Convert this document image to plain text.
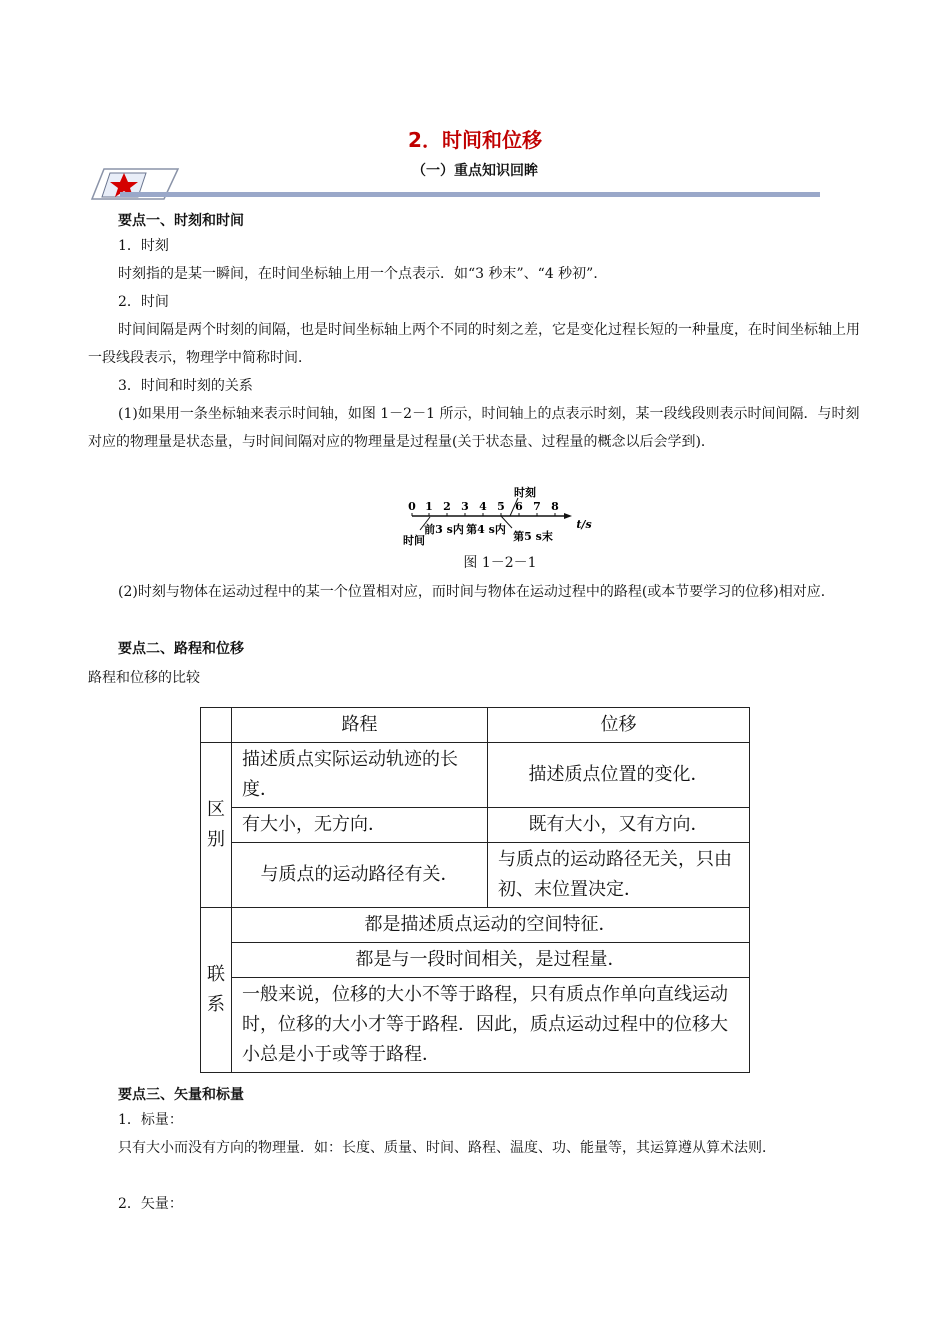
2．时间和位移
（一）重点知识回眸
要点一、时刻和时间
1．时刻
时刻指的是某一瞬间，在时间坐标轴上用一个点表示．如“3 秒末”、“4 秒初”．
2．时间
时间间隔是两个时刻的间隔，也是时间坐标轴上两个不同的时刻之差，它是变化过程长短的一种量度，在时间坐标轴上用一段线段表示，物理学中简称时间．
3．时间和时刻的关系
(1)如果用一条坐标轴来表示时间轴，如图 1－2－1 所示，时间轴上的点表示时刻，某一段线段则表示时间间隔．与时刻对应的物理量是状态量，与时间间隔对应的物理量是过程量(关于状态量、过程量的概念以后会学到)．
0 1 2 3 4 5 6 7 8
时刻
时间
前3 s内 第4 s内
第5 s末
t/s
图 1－2－1
(2)时刻与物体在运动过程中的某一个位置相对应，而时间与物体在运动过程中的路程(或本节要学习的位移)相对应．
要点二、路程和位移
路程和位移的比较
	路程	位移
区别	描述质点实际运动轨迹的长度．	描述质点位置的变化．
	有大小，无方向．	既有大小，又有方向．
	与质点的运动路径有关．	与质点的运动路径无关，只由初、末位置决定．
联系	都是描述质点运动的空间特征．	
	都是与一段时间相关，是过程量．	
	一般来说，位移的大小不等于路程，只有质点作单向直线运动时，位移的大小才等于路程．因此，质点运动过程中的位移大小总是小于或等于路程．	
要点三、矢量和标量
1．标量：
只有大小而没有方向的物理量．如：长度、质量、时间、路程、温度、功、能量等，其运算遵从算术法则．
2．矢量：
